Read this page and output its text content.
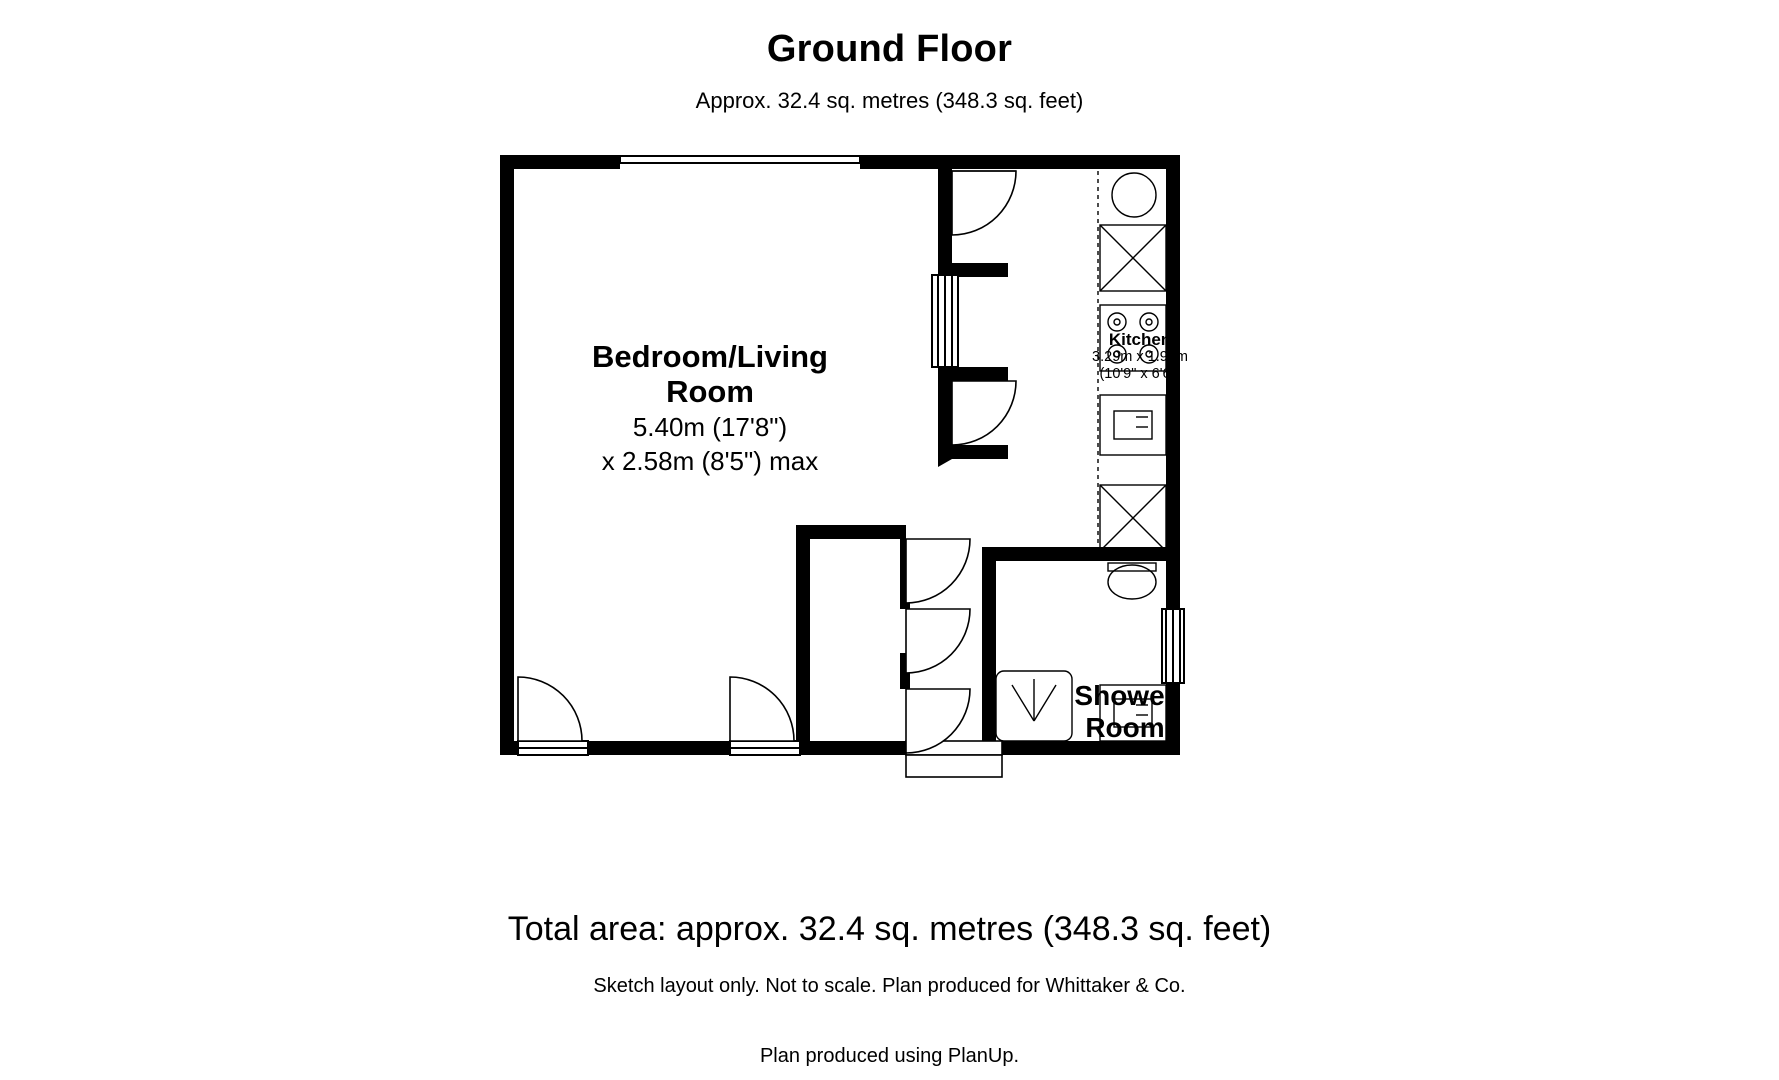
Ground Floor
Approx. 32.4 sq. metres (348.3 sq. feet)
Bedroom/Living
Room
5.40m (17'8")
x 2.58m (8'5") max
Kitchen
3.29m x 1.97m
(10'9" x 6'6")
Shower
Room
Total area: approx. 32.4 sq. metres (348.3 sq. feet)
Sketch layout only. Not to scale. Plan produced for Whittaker & Co.
Plan produced using PlanUp.
